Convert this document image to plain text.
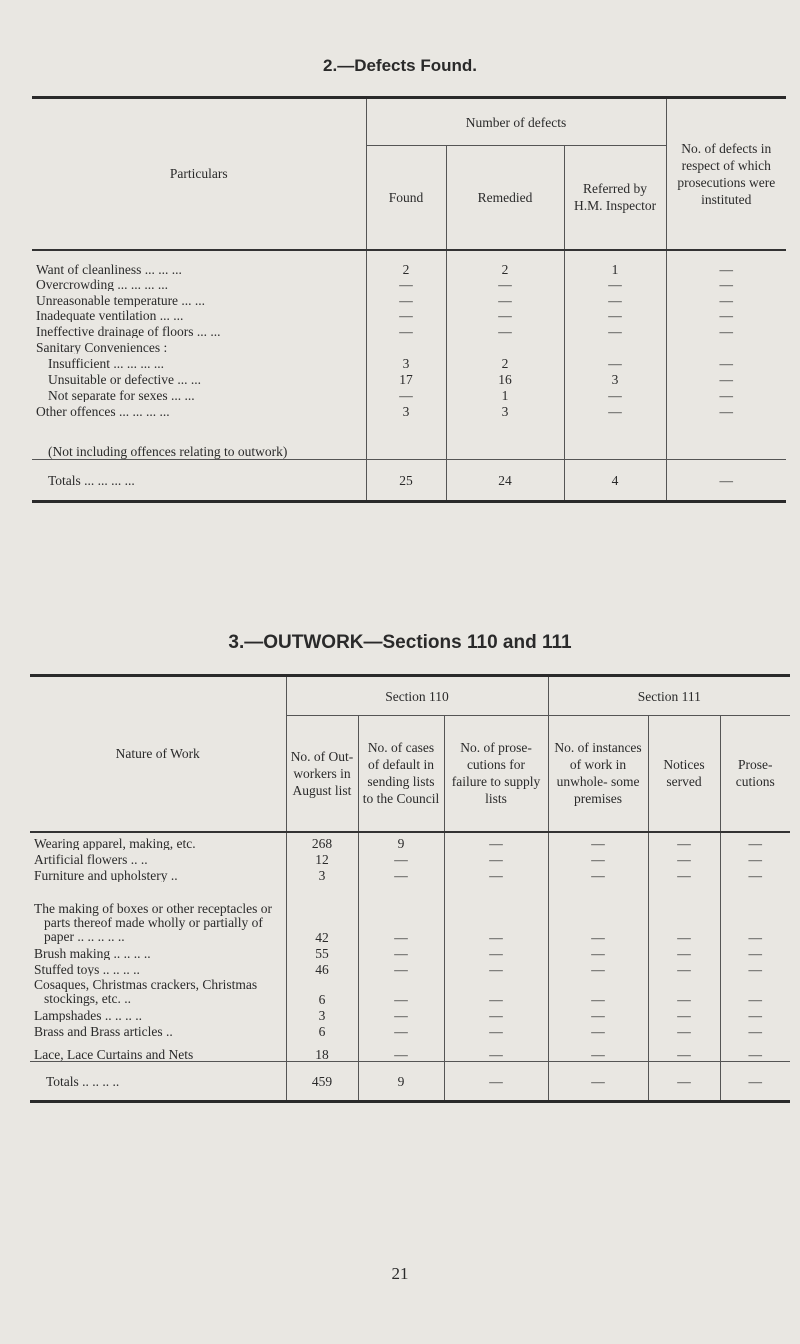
2.—Defects Found.
Particulars	Number of defects			No. of defects in respect of which prosecutions were instituted
	Found	Remedied	Referred by H.M. Inspector	
Want of cleanliness ... ... ...	2	2	1	—
Overcrowding ... ... ... ...	—	—	—	—
Unreasonable temperature ... ...	—	—	—	—
Inadequate ventilation ... ...	—	—	—	—
Ineffective drainage of floors ... ...	—	—	—	—
Sanitary Conveniences :				
Insufficient ... ... ... ...	3	2	—	—
Unsuitable or defective ... ...	17	16	3	—
Not separate for sexes ... ...	—	1	—	—
Other offences ... ... ... ...	3	3	—	—
(Not including offences relating to outwork)				
Totals ... ... ... ...	25	24	4	—
3.—OUTWORK—Sections 110 and 111
Nature of Work	Section 110			Section 111		
	No. of Out- workers in August list	No. of cases of default in sending lists to the Council	No. of prose- cutions for failure to supply lists	No. of instances of work in unwhole- some premises	Notices served	Prose- cutions
Wearing apparel, making, etc.	268	9	—	—	—	—
Artificial flowers .. ..	12	—	—	—	—	—
Furniture and upholstery ..	3	—	—	—	—	—
The making of boxes or other receptacles or parts thereof made wholly or partially of paper .. .. .. .. ..	42	—	—	—	—	—
Brush making .. .. .. ..	55	—	—	—	—	—
Stuffed toys .. .. .. ..	46	—	—	—	—	—
Cosaques, Christmas crackers, Christmas stockings, etc. ..	6	—	—	—	—	—
Lampshades .. .. .. ..	3	—	—	—	—	—
Brass and Brass articles ..	6	—	—	—	—	—
Lace, Lace Curtains and Nets	18	—	—	—	—	—
Totals .. .. .. ..	459	9	—	—	—	—
21
